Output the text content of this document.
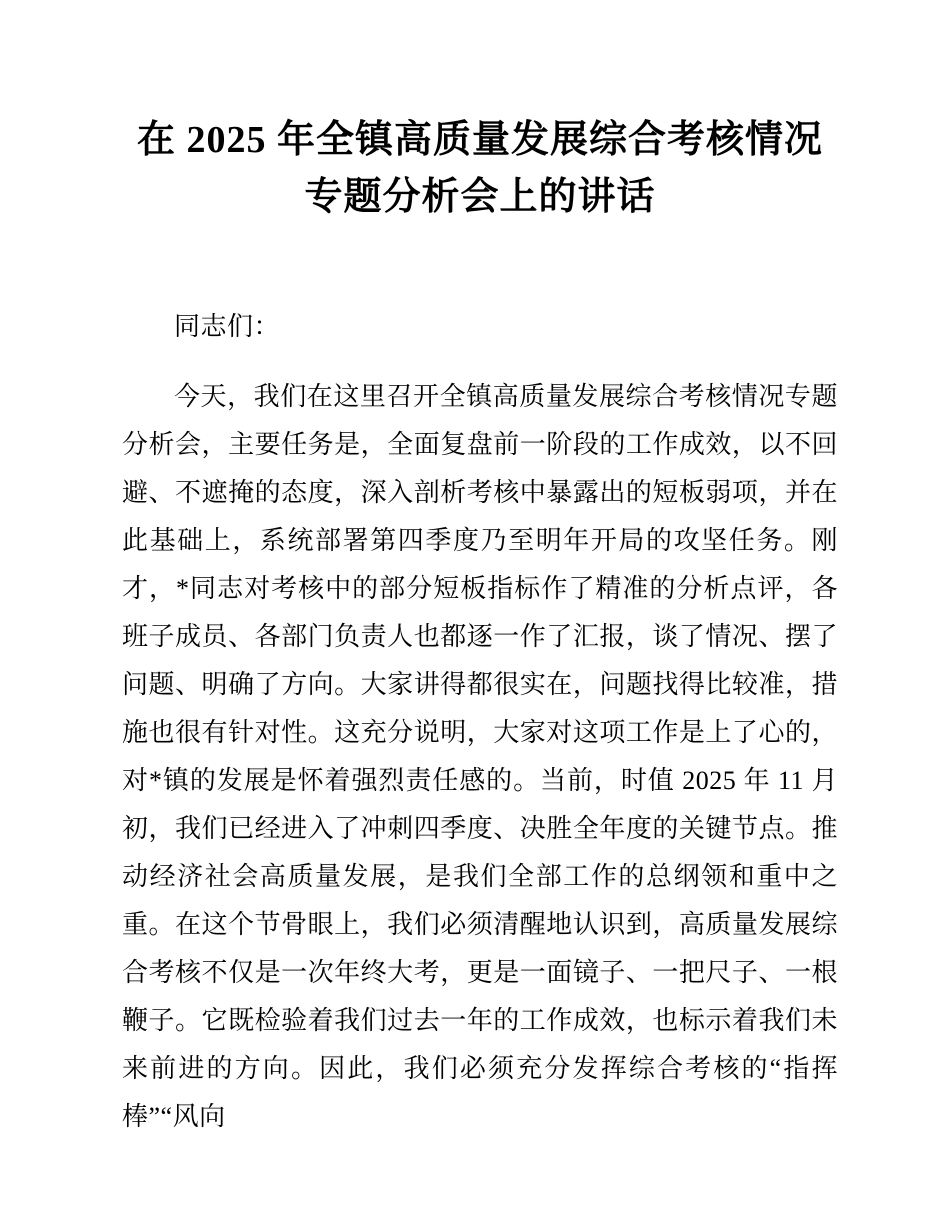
在 2025 年全镇高质量发展综合考核情况专题分析会上的讲话

同志们：

今天，我们在这里召开全镇高质量发展综合考核情况专题分析会，主要任务是，全面复盘前一阶段的工作成效，以不回避、不遮掩的态度，深入剖析考核中暴露出的短板弱项，并在此基础上，系统部署第四季度乃至明年开局的攻坚任务。刚才，*同志对考核中的部分短板指标作了精准的分析点评，各班子成员、各部门负责人也都逐一作了汇报，谈了情况、摆了问题、明确了方向。大家讲得都很实在，问题找得比较准，措施也很有针对性。这充分说明，大家对这项工作是上了心的，对*镇的发展是怀着强烈责任感的。当前，时值 2025 年 11 月初，我们已经进入了冲刺四季度、决胜全年度的关键节点。推动经济社会高质量发展，是我们全部工作的总纲领和重中之重。在这个节骨眼上，我们必须清醒地认识到，高质量发展综合考核不仅是一次年终大考，更是一面镜子、一把尺子、一根鞭子。它既检验着我们过去一年的工作成效，也标示着我们未来前进的方向。因此，我们必须充分发挥综合考核的“指挥棒”“风向
